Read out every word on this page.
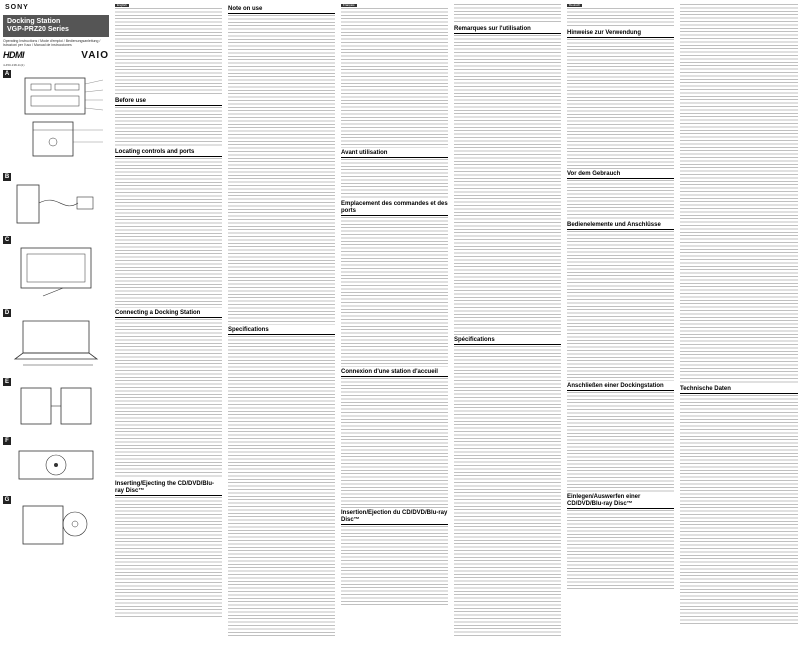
SONY
Docking Station
VGP-PRZ20 Series
Operating Instructions / Mode d'emploi / Bedienungsanleitung / Istruzioni per l'uso / Manual de instrucciones
HDMI	VAIO
4-450-138-11(1)
A
B
C
D
E
F
G
English
Before use
Locating controls and ports
Connecting a Docking Station
Inserting/Ejecting the CD/DVD/Blu-ray Disc™
Note on use
Specifications
Français
Avant utilisation
Emplacement des commandes et des ports
Connexion d'une station d'accueil
Insertion/Ejection du CD/DVD/Blu-ray Disc™
Remarques sur l'utilisation
Spécifications
Deutsch
Hinweise zur Verwendung
Vor dem Gebrauch
Bedienelemente und Anschlüsse
Anschließen einer Dockingstation
Einlegen/Auswerfen einer CD/DVD/Blu-ray Disc™
Technische Daten
